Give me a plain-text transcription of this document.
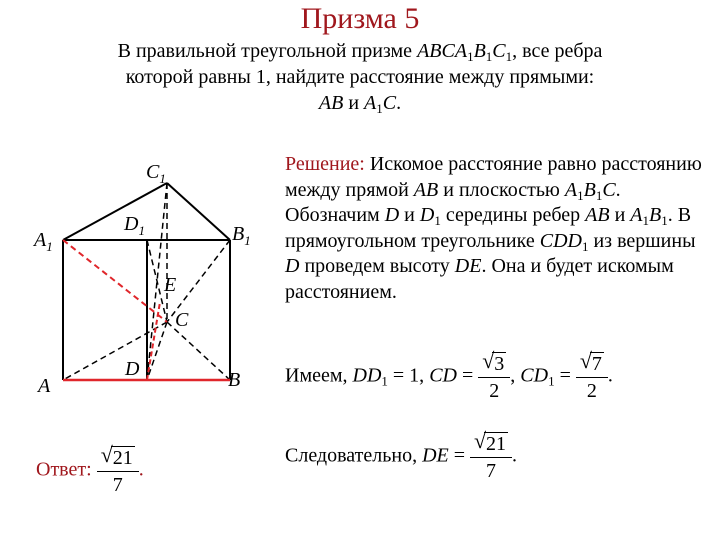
Призма 5
В правильной треугольной призме $ABCA_1B_1C_1$, все ребра
которой равны 1, найдите расстояние между прямыми:
AB и $A_1C$.
$C_1$
$A_1$
$D_1$	$B_1$
E
C
A
D	B
Решение: Искомое расстояние равно расстоянию между прямой AB и плоскостью $A_1B_1C$. Обозначим D и $D_1$ середины ребер AB и $A_1B_1$. В прямоугольном треугольнике $CDD_1$ из вершины D проведем высоту DE. Она и будет искомым расстоянием.
Имеем, $DD_1 = 1$, CD = $\frac{√ 3}{2}$ , $CD_1 = \frac{√ 7}{2}$ .
Следовательно, DE = $\frac{√ 21}{7}$ .
Ответ: $\frac{√ 21}{7}$ .
